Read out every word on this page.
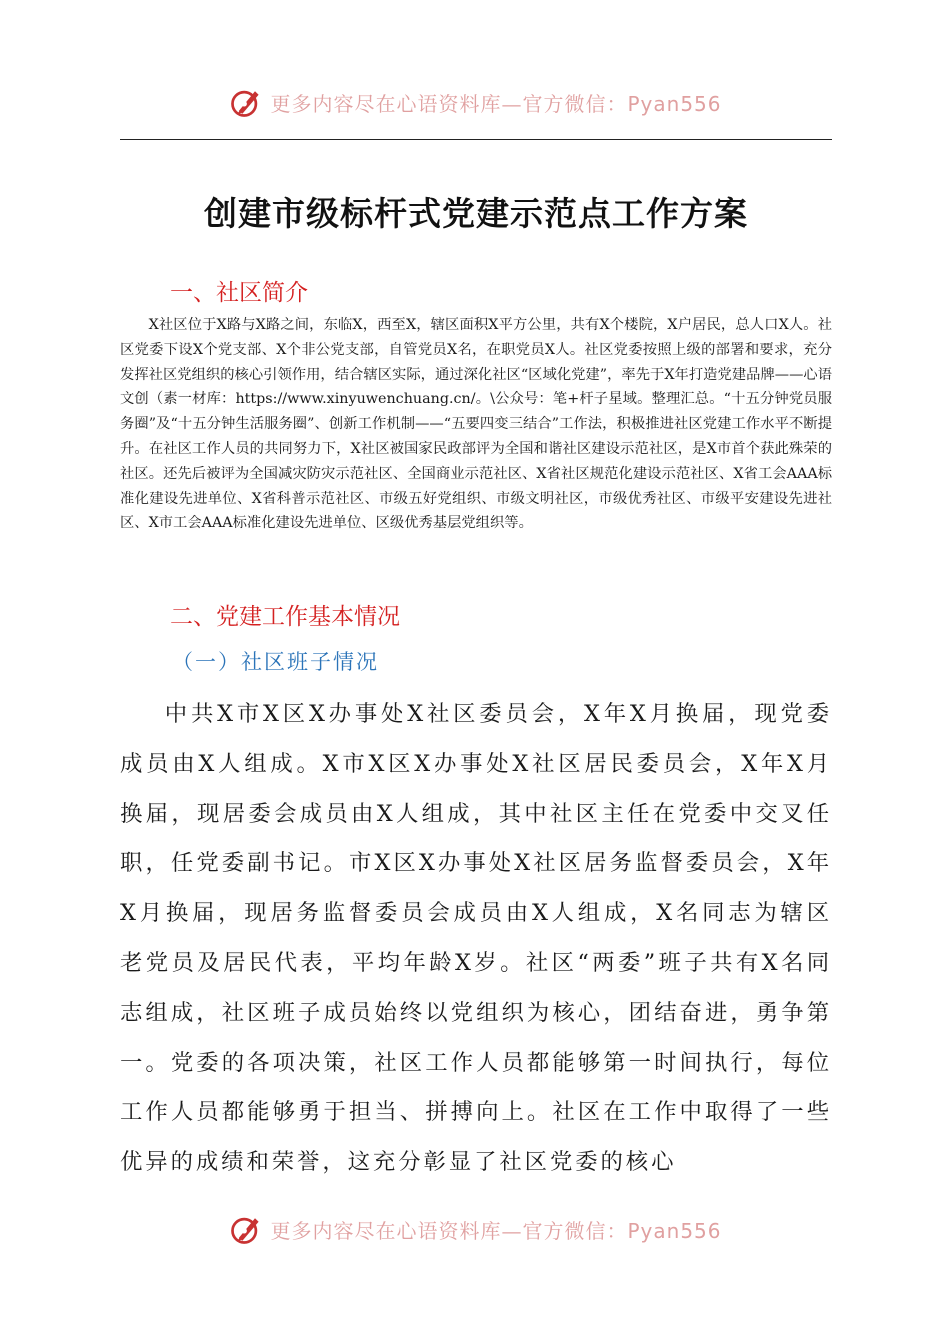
更多内容尽在心语资料库—官方微信：Pyan556
创建市级标杆式党建示范点工作方案
一、社区简介
X社区位于X路与X路之间，东临X，西至X，辖区面积X平方公里，共有X个楼院，X户居民，总人口X人。社区党委下设X个党支部、X个非公党支部，自管党员X名，在职党员X人。社区党委按照上级的部署和要求，充分发挥社区党组织的核心引领作用，结合辖区实际，通过深化社区“区域化党建”，率先于X年打造党建品牌——心语文创（素一材库：https://www.xinyuwenchuang.cn/。\公众号：笔+杆子星域。整理汇总。“十五分钟党员服务圈”及“十五分钟生活服务圈”、创新工作机制——“五要四变三结合”工作法，积极推进社区党建工作水平不断提升。在社区工作人员的共同努力下，X社区被国家民政部评为全国和谐社区建设示范社区，是X市首个获此殊荣的社区。还先后被评为全国减灾防灾示范社区、全国商业示范社区、X省社区规范化建设示范社区、X省工会AAA标准化建设先进单位、X省科普示范社区、市级五好党组织、市级文明社区，市级优秀社区、市级平安建设先进社区、X市工会AAA标准化建设先进单位、区级优秀基层党组织等。
二、党建工作基本情况
（一）社区班子情况
中共X市X区X办事处X社区委员会，X年X月换届，现党委成员由X人组成。X市X区X办事处X社区居民委员会，X年X月换届，现居委会成员由X人组成，其中社区主任在党委中交叉任职，任党委副书记。市X区X办事处X社区居务监督委员会，X年X月换届，现居务监督委员会成员由X人组成，X名同志为辖区老党员及居民代表，平均年龄X岁。社区“两委”班子共有X名同志组成，社区班子成员始终以党组织为核心，团结奋进，勇争第一。党委的各项决策，社区工作人员都能够第一时间执行，每位工作人员都能够勇于担当、拼搏向上。社区在工作中取得了一些优异的成绩和荣誉，这充分彰显了社区党委的核心
更多内容尽在心语资料库—官方微信：Pyan556
